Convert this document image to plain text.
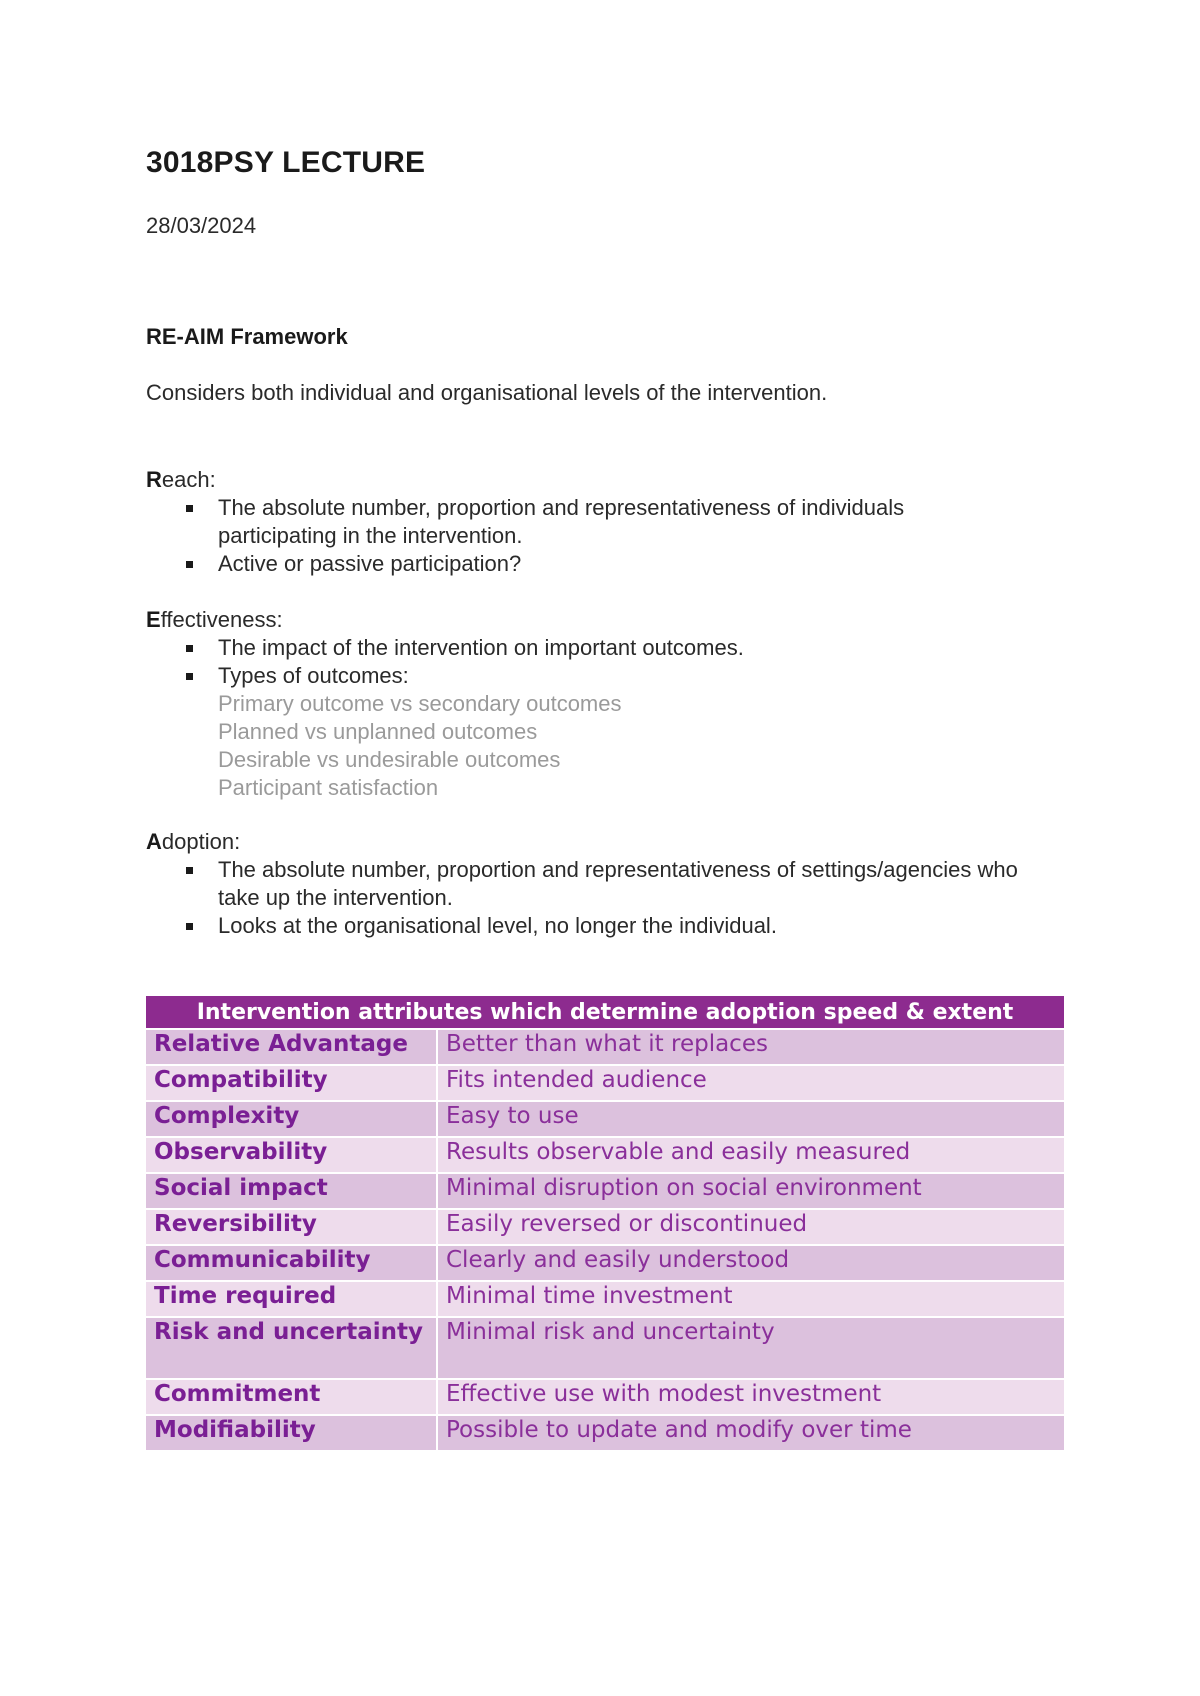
3018PSY LECTURE
28/03/2024
RE-AIM Framework
Considers both individual and organisational levels of the intervention.
Reach:
The absolute number, proportion and representativeness of individuals participating in the intervention.
Active or passive participation?
Effectiveness:
The impact of the intervention on important outcomes.
Types of outcomes:
Primary outcome vs secondary outcomes
Planned vs unplanned outcomes
Desirable vs undesirable outcomes
Participant satisfaction
Adoption:
The absolute number, proportion and representativeness of settings/agencies who take up the intervention.
Looks at the organisational level, no longer the individual.
Intervention attributes which determine adoption speed & extent	
Relative Advantage	Better than what it replaces
Compatibility	Fits intended audience
Complexity	Easy to use
Observability	Results observable and easily measured
Social impact	Minimal disruption on social environment
Reversibility	Easily reversed or discontinued
Communicability	Clearly and easily understood
Time required	Minimal time investment
Risk and uncertainty	Minimal risk and uncertainty
Commitment	Effective use with modest investment
Modifiability	Possible to update and modify over time
